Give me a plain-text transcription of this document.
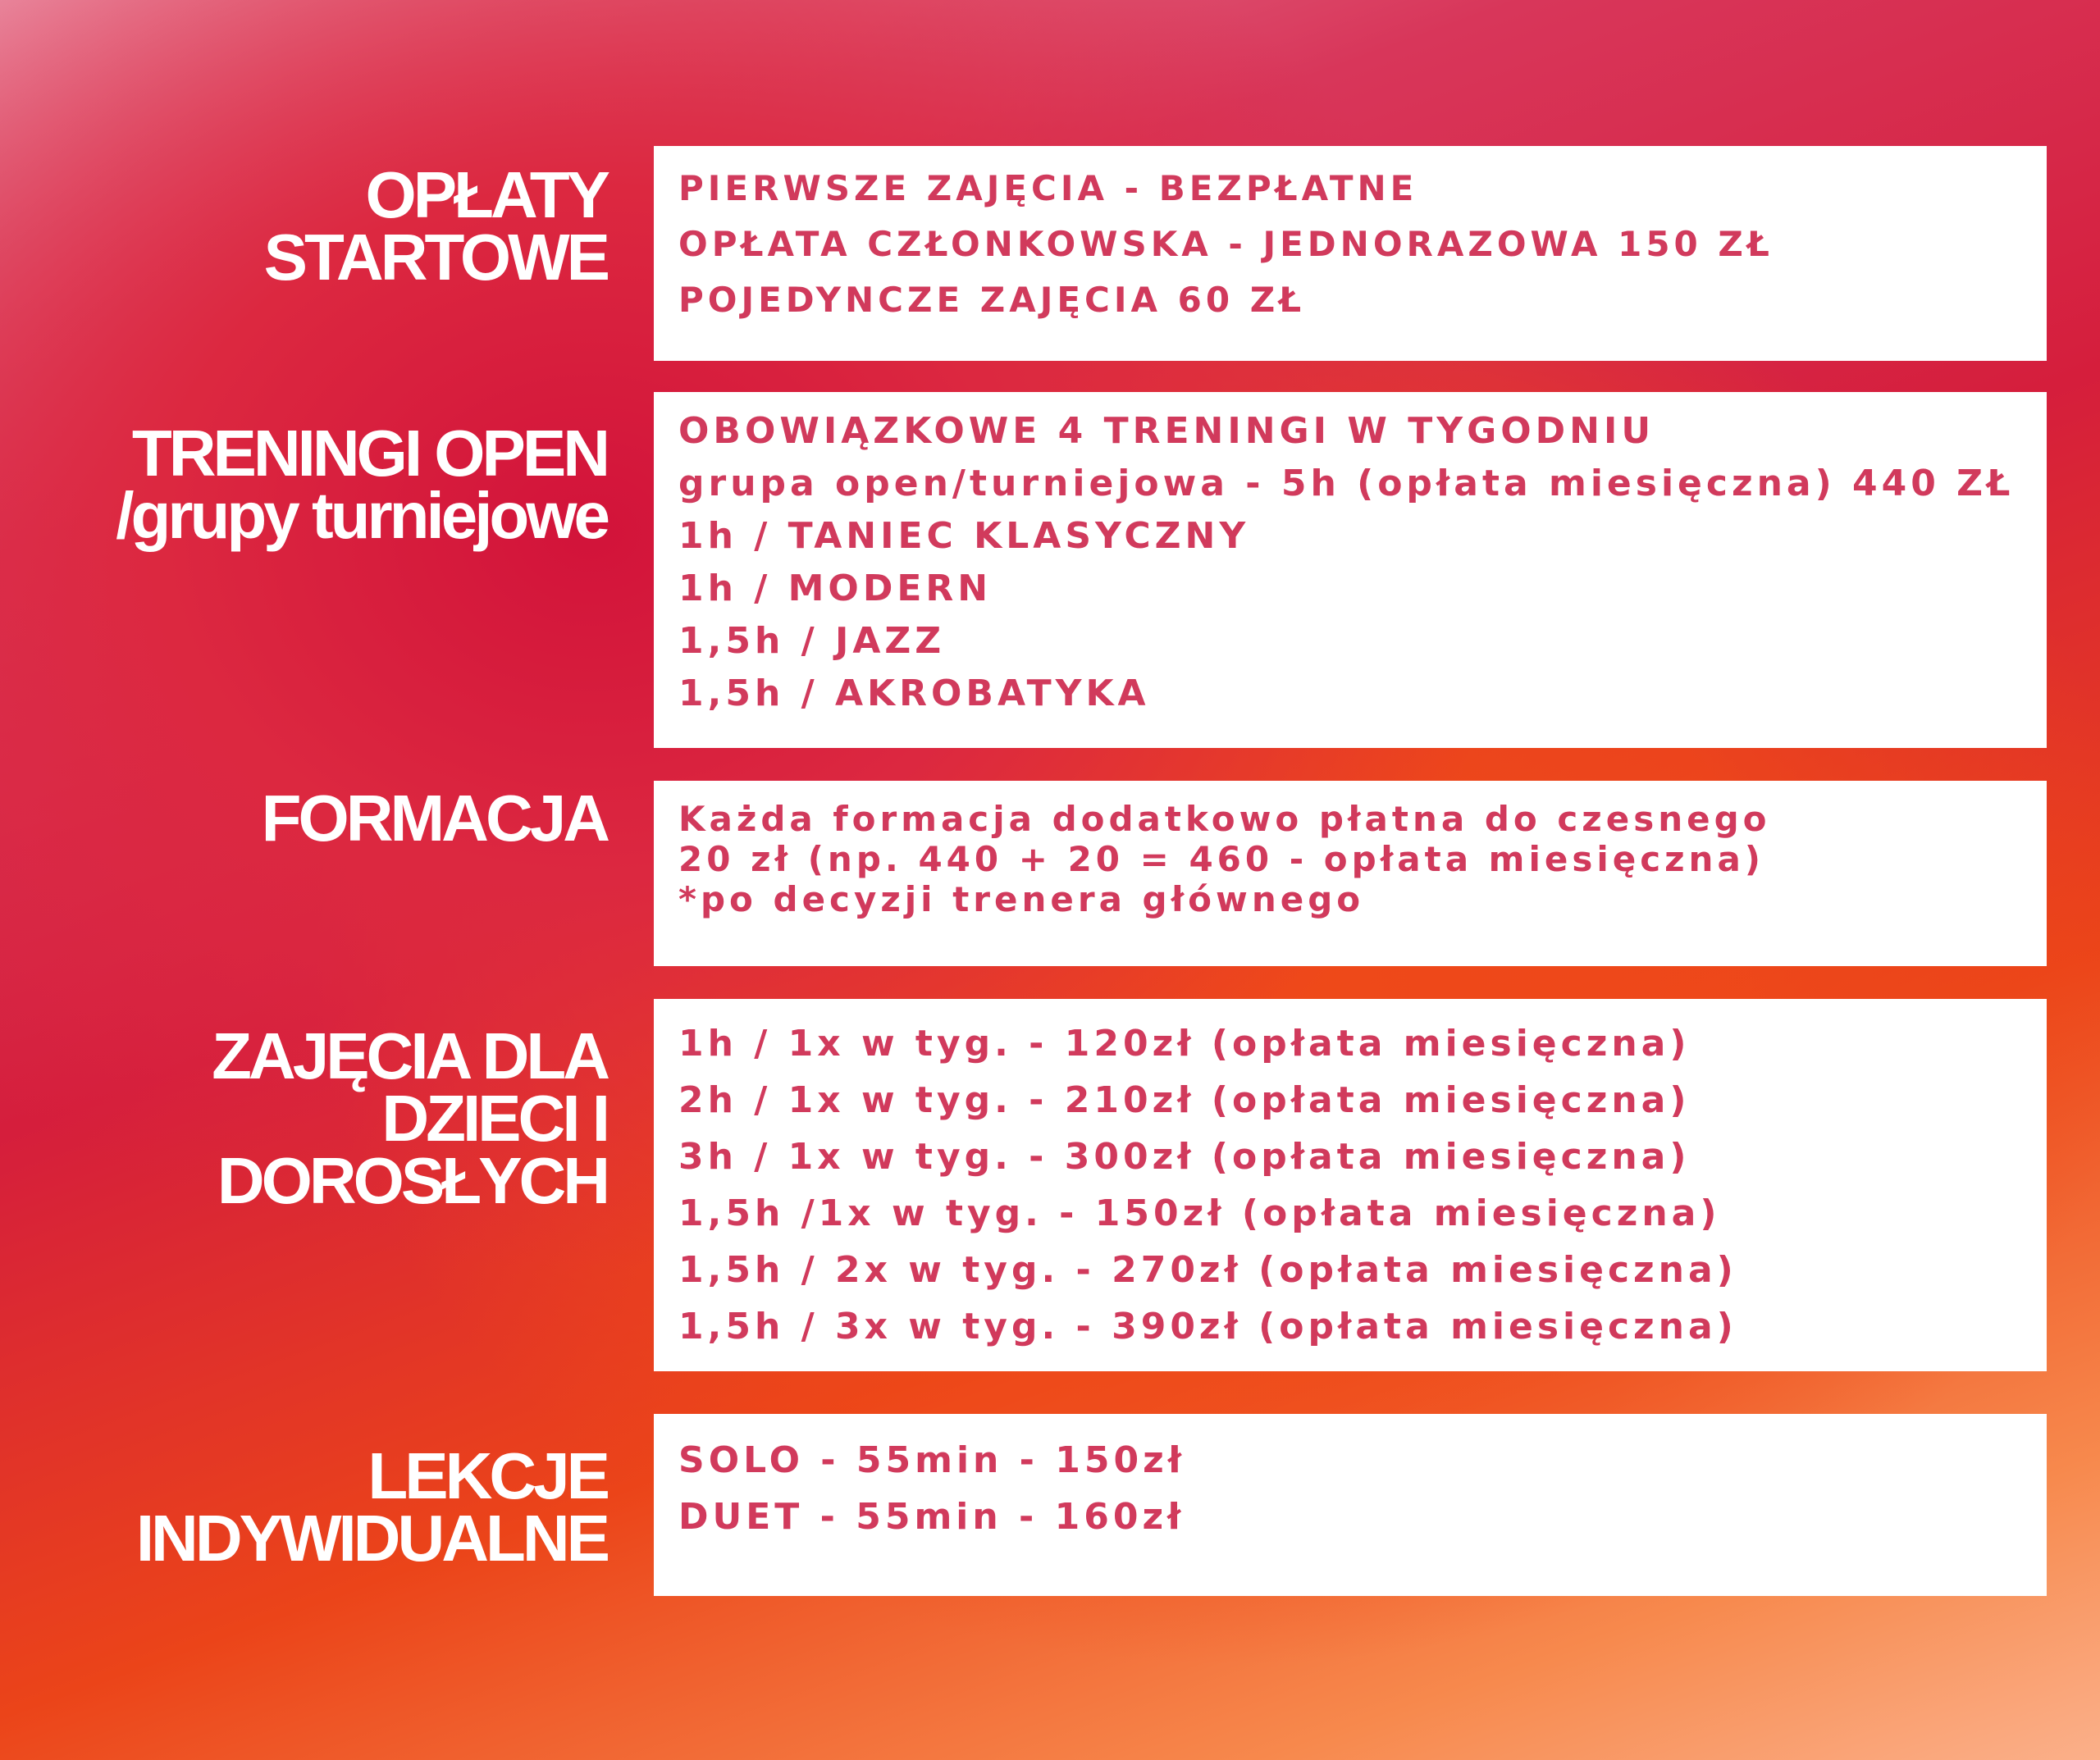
OPŁATY
STARTOWE
PIERWSZE ZAJĘCIA - BEZPŁATNE
OPŁATA CZŁONKOWSKA - JEDNORAZOWA 150 ZŁ
POJEDYNCZE ZAJĘCIA 60 ZŁ
TRENINGI OPEN
/grupy turniejowe
OBOWIĄZKOWE 4 TRENINGI W TYGODNIU
grupa open/turniejowa - 5h (opłata miesięczna) 440 ZŁ
1h / TANIEC KLASYCZNY
1h / MODERN
1,5h / JAZZ
1,5h / AKROBATYKA
FORMACJA Każda formacja dodatkowo płatna do czesnego
20 zł (np. 440 + 20 = 460 - opłata miesięczna)
*po decyzji trenera głównego
ZAJĘCIA DLA
DZIECI I
DOROSŁYCH
1h / 1x w tyg. - 120zł (opłata miesięczna)
2h / 1x w tyg. - 210zł (opłata miesięczna)
3h / 1x w tyg. - 300zł (opłata miesięczna)
1,5h /1x w tyg. - 150zł (opłata miesięczna)
1,5h / 2x w tyg. - 270zł (opłata miesięczna)
1,5h / 3x w tyg. - 390zł (opłata miesięczna)
LEKCJE
INDYWIDUALNE
SOLO - 55min - 150zł
DUET - 55min - 160zł
